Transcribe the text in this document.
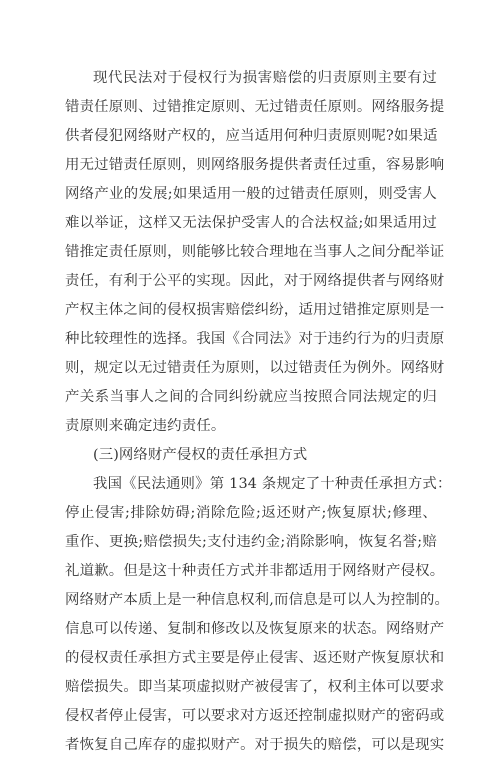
现代民法对于侵权行为损害赔偿的归责原则主要有过
错责任原则、过错推定原则、无过错责任原则。网络服务提
供者侵犯网络财产权的，应当适用何种归责原则呢?如果适
用无过错责任原则，则网络服务提供者责任过重，容易影响
网络产业的发展;如果适用一般的过错责任原则，则受害人
难以举证，这样又无法保护受害人的合法权益;如果适用过
错推定责任原则，则能够比较合理地在当事人之间分配举证
责任，有利于公平的实现。因此，对于网络提供者与网络财
产权主体之间的侵权损害赔偿纠纷，适用过错推定原则是一
种比较理性的选择。我国《合同法》对于违约行为的归责原
则，规定以无过错责任为原则，以过错责任为例外。网络财
产关系当事人之间的合同纠纷就应当按照合同法规定的归
责原则来确定违约责任。
(三)网络财产侵权的责任承担方式
我国《民法通则》第 134 条规定了十种责任承担方式：
停止侵害;排除妨碍;消除危险;返还财产;恢复原状;修理、
重作、更换;赔偿损失;支付违约金;消除影响，恢复名誉;赔
礼道歉。但是这十种责任方式并非都适用于网络财产侵权。
网络财产本质上是一种信息权利,而信息是可以人为控制的。
信息可以传递、复制和修改以及恢复原来的状态。网络财产
的侵权责任承担方式主要是停止侵害、返还财产恢复原状和
赔偿损失。即当某项虚拟财产被侵害了，权利主体可以要求
侵权者停止侵害，可以要求对方返还控制虚拟财产的密码或
者恢复自己库存的虚拟财产。对于损失的赔偿，可以是现实
